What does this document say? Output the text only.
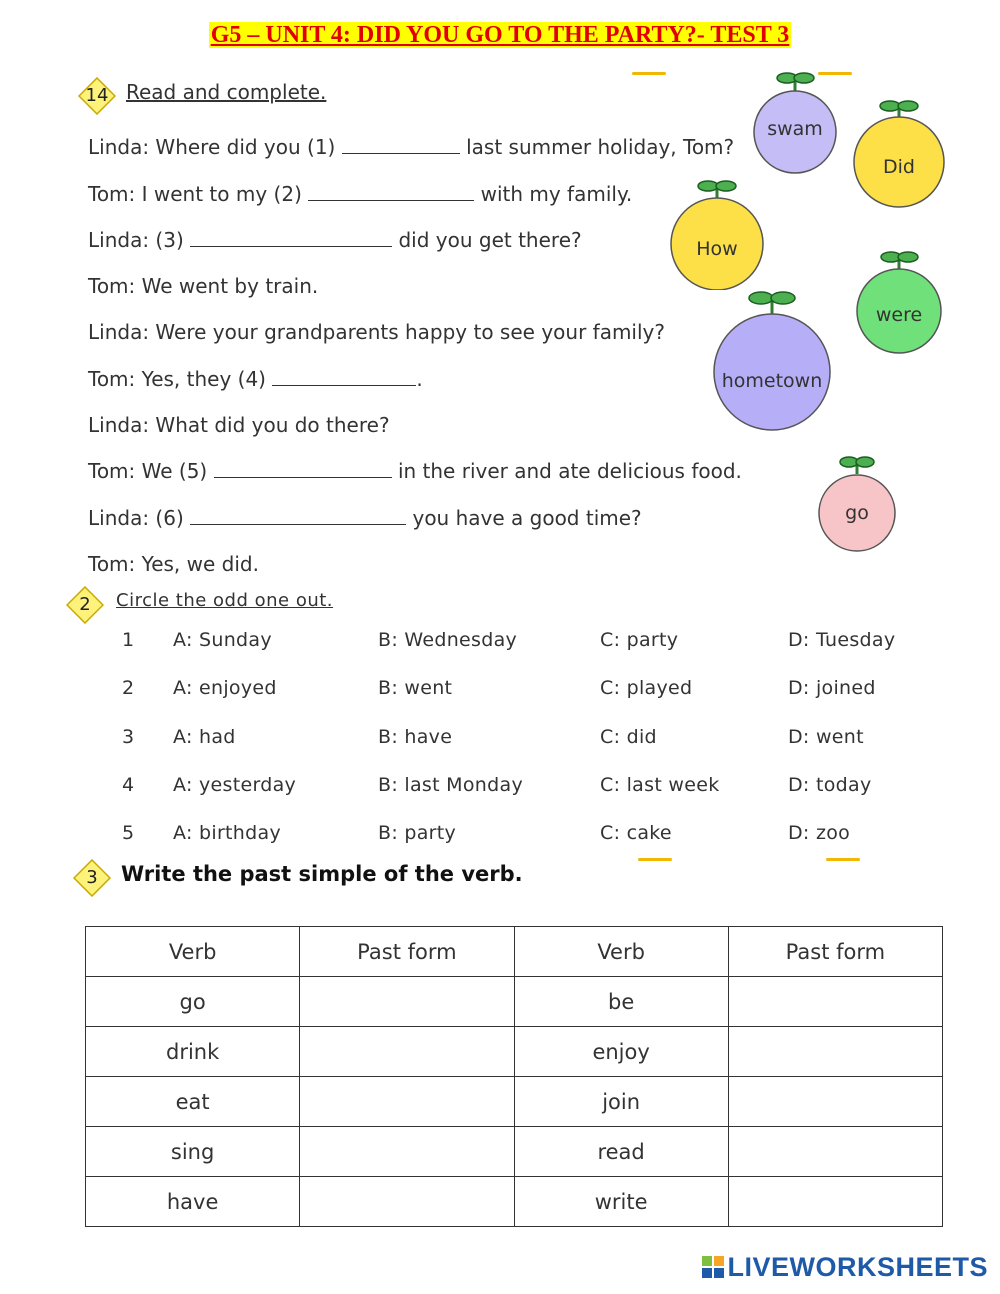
G5 – UNIT 4: DID YOU GO TO THE PARTY?- TEST 3
14 Read and complete.
Linda: Where did you (1)	last summer holiday, Tom?
Tom: I went to my (2)	with my family.
Linda: (3)	did you get there?
Tom: We went by train.
Linda: Were your grandparents happy to see your family?
Tom: Yes, they (4)	.
Linda: What did you do there?
Tom: We (5)	in the river and ate delicious food.
Linda: (6)	you have a good time?
Tom: Yes, we did.
swam
Did
How
were
hometown
go
2	Circle the odd one out.
1 A: Sunday	B: Wednesday	C: party	D: Tuesday
2 A: enjoyed	B: went	C: played	D: joined
3 A: had	B: have	C: did	D: went
4 A: yesterday	B: last Monday	C: last week	D: today
5 A: birthday	B: party	C: cake	D: zoo
3	Write the past simple of the verb.
Verb	Past form	Verb	Past form
go		be	
drink		enjoy	
eat		join	
sing		read	
have		write	
LIVEWORKSHEETS
